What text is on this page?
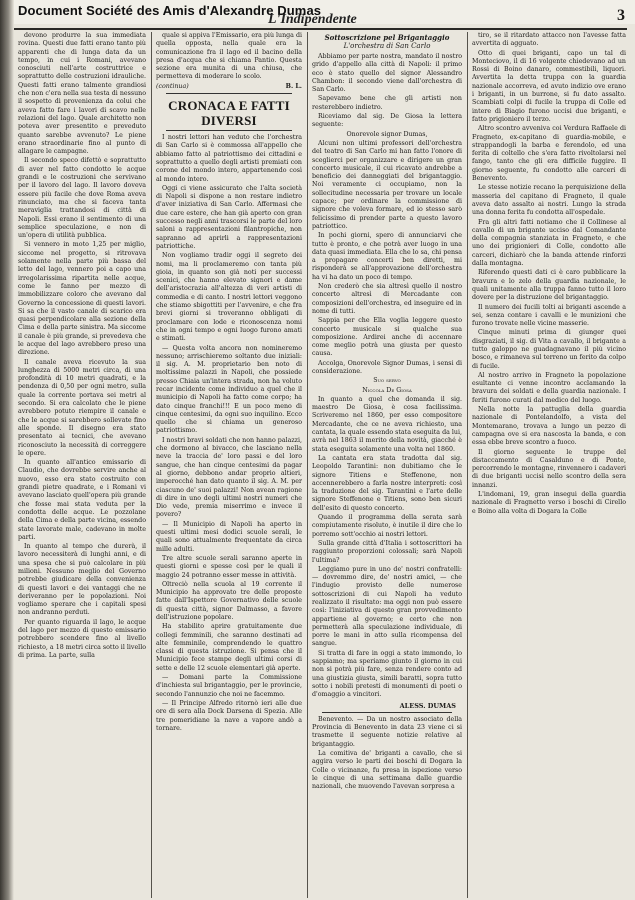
Document Société des Amis d'Alexandre Dumas
L'Indipendente	3

devono produrre la sua immediata rovina. Questi due fatti erano tanto più apparenti che di lunga data da un tempo, in cui i Romani, avevano conosciuti nell'arte costruttrice e soprattutto delle costruzioni idrauliche. Questi fatti erano talmente grandiosi che non c'era nella sua testa di nessuno il sospetto di provenienza da colui che aveva fatto fare i lavori di scavo nelle relazioni del lago. Quale architetto non poteva aver presentito e preveduto quanto sarebbe avvenuto? Le piene erano straordinarie fino al punto di allagare le campagne.

Il secondo speco difettò e soprattutto di aver nel fatto condotto le acque grandi e le costruzioni che servivano per il lavoro del lago. Il lavoro doveva essere più facile che dove Roma aveva rinunciato, ma che si faceva tanta meraviglia trattandosi di città di Napoli. Essi erano il sentimento di una semplice speculazione, e non di un'opera di utilità pubblica.

Si vennero in moto 1,25 per miglio, siccome nel progetto, si ritrovava solamente nella parte più bassa del letto del lago, vennero poi a capo una irregolarissima ripartita nelle acque, come le fanno per mezzo di immobilizzare coloro che avevano dal Governo la concessione di questi lavori. Si sa che il vasto canale di scarico era quasi perpendicolare alla sezione della Cima e della parte sinistra. Ma siccome il canale è più grande, si prevedeva che le acque del lago avrebbero preso una direzione.

Il canale aveva ricevuto la sua lunghezza di 5000 metri circa, di una profondità di 10 metri quadrati, e la pendenza di 0,50 per ogni metro, sulla quale la corrente portava sei metri al secondo. Si era calcolato che le piene avrebbero potuto riempire il canale e che le acque si sarebbero sollevate fino alle sponde. Il disegno era stato presentato ai tecnici, che avevano riconosciuto la necessità di correggere le opere.

In quanto all'antico emissario di Claudio, che dovrebbe servire anche al nuovo, esso era stato costruito con grandi pietre quadrate, e i Romani vi avevano lasciato quell'opera più grande che fosse mai stata veduta per la condotta delle acque. Le pozzolane della Cima e della parte vicina, essendo state lavorate male, cadevano in molte parti.

In quanto al tempo che durerà, il lavoro necessiterà di lunghi anni, e di una spesa che si può calcolare in più milioni. Nessuno meglio del Governo potrebbe giudicare della convenienza di questi lavori e dei vantaggi che ne deriveranno per le popolazioni. Noi vogliamo sperare che i capitali spesi non andranno perduti.

Per quanto riguarda il lago, le acque del lago per mezzo di questo emissario potrebbero scendere fino al livello richiesto, a 18 metri circa sotto il livello di prima. La parte, sulla

quale si appiva l'Emissario, era più lunga di quella opposta, nella quale era la comunicazione fra il lago ed il bacino della presa d'acqua che si chiama Pantio. Questa sezione era munita di una chiusa, che permetteva di moderare lo scolo.

(continua)	B. L.
CRONACA E FATTI DIVERSI

I nostri lettori han veduto che l'orchestra di San Carlo si è commossa all'appello che abbiamo fatto al patriottismo dei cittadini e soprattutto a quello degli artisti premiati con corone del mondo intero, appartenendo così al mondo intero.

Oggi ci viene assicurato che l'alta società di Napoli si dispone a non restare indietro d'aver iniziativa di San Carlo. Affermasi che due care estere, che han già aperto con gran successo negli anni trascorsi le parte del loro saloni a rappresentazioni filantropiche, non sapranno ad aprirli a rappresentazioni patriottiche.

Non vogliamo tradir oggi il segreto dei nomi, ma li proclameremo con tanta più gioia, in quanto son già noti per successi scenici, che hanno elevato signori e dame dell'aristocrazia all'altezza di veri artisti di commedia e di canto. I nostri lettori veggono che stiamo sbigottiti per l'avvenire, e che fra brevi giorni si troveranno obbligati di proclamare con lode e riconoscenza nomi che in ogni tempo e ogni luogo furono amati e stimati.

— Questa volta ancora non nomineremo nessuno; arrischieremo soltanto due iniziali: il sig. A. M. proprietario ben noto di moltissime palazzi in Napoli, che possiede presso Chiaia un'intera strada, non ha voluto recar incidente come individuo a quel che il municipio di Napoli ha fatto come corpo; ha dato cinque franchi!!! E un poco meno di cinque centesimi, da ogni suo inquilino. Ecco quello che si chiama un generoso patriottismo.

I nostri bravi soldati che non hanno palazzi, che dormono al bivacco, che lasciano nella neve la traccia de' loro passi e del loro sangue, che han cinque centesimi da pagar al giorno, debbono andar proprio altieri, imperocché han dato quanto il sig. A. M. per ciascuno de' suoi palazzi! Non avean ragione di dire in uno degli ultimi nostri numeri che Dio vede, premia miserrimo e invece il povero?

— Il Municipio di Napoli ha aperto in questi ultimi mesi dodici scuole serali, le quali sono attualmente frequentate da circa mille adulti.

Tre altre scuole serali saranno aperte in questi giorni e spesse così per le quali il maggio 24 potranno esser messe in attività.

Oltreciò nella scuola al 19 corrente il Municipio ha approvato tre delle proposte fatte dall'Ispettore Governativo delle scuole di questa città, signor Dalmasso, a favore dell'istruzione popolare.

Ha stabilito aprire gratuitamente due collegi femminili, che saranno destinati ad alte femminile, comprendendo le quattro classi di questa istruzione. Si pensa che il Municipio fece stampe degli ultimi corsi di sette e delle 12 scuole elementari già aperte.

— Domani parte la Commissione d'inchiesta sul brigantaggio, per le provincie, secondo l'annunzio che noi ne facemmo.

— Il Principe Alfredo ritornò ieri alle due ore di sera alla Dock Darsena di Spezia. Alle tre pomeridiane la nave a vapore andò a tornare.

Sottoscrizione pel Brigantaggio
L'orchestra di San Carlo

Abbiamo per parte nostra, mandato il nostro grido d'appello alla città di Napoli: il primo eco è stato quello del signor Alessandro Chambon: il secondo viene dall'orchestra di San Carlo.

Sapevamo bene che gli artisti non resterebbero indietro.

Riceviamo dal sig. De Giosa la lettera seguente:

Onorevole signor Dumas,

Alcuni non ultimi professori dell'orchestra del teatro di San Carlo mi han fatto l'onore di sceglierci per organizzare e dirigere un gran concerto musicale, il cui ricavato andrebbe a beneficio dei danneggiati del brigantaggio. Noi veramente ci occupiamo, non la sollecitudine necessaria per trovare un locale capace; per ordinare la commissione di signore che voleva formare, ed io stesso sarò felicissimo di prender parte a questo lavoro patriottico.

In pochi giorni, spero di annunciarvi che tutto è pronto, e che potrà aver luogo in una data quasi immediata. Ella che lo sa, chi pensa a propagare concerti ben diretti, mi risponderà se all'approvazione dell'orchestra ha vi ha dato un poco di tempo.

Non crederò che sia altresì quello il nostro concerto altresì di Mercadante con composizioni dell'orchestra, ed inseguire ed in nome di tutti.

Sappia per che Ella voglia leggere questo concerto musicale si qualche sua composizione. Ardirei anche di accennare come meglio potrà una giusta per questo causa.

Accolga, Onorevole Signor Dumas, i sensi di considerazione.

Suo servo

Niccola De Giosa

In quanto a quel che domanda il sig. maestro De Giosa, è cosa facilissima. Scriveremo nel 1860, per esso compositore Mercadante, che ce ne aveva richiesto, una cantata, la quale essendo stata eseguita da lui, avrà nel 1863 il merito della novità, giacché è stata eseguita solamente una volta nel 1860.

La cantata era stata tradotta dal sig. Leopoldo Tarantini: non dubitiamo che le signore Titiens e Steffenone, non accennerebbero a farla nostre interpreti: così la traduzione del sig. Tarantini e l'arte delle signore Steffenone e Titiens, sono ben sicuri dell'esito di questo concerto.

Quando il programma della serata sarà compiutamente risoluto, è inutile il dire che lo porremo sott'occhio ai nostri lettori.

Sulla grande città d'Italia i sottoscrittori ha raggiunto proporzioni colossali; sarà Napoli l'ultima?

Leggiamo pure in uno de' nostri confratelli: — dovremmo dire, de' nostri amici, — che l'indugio provisto delle numerose sottoscrizioni di cui Napoli ha veduto realizzato il risultato: ma oggi non può essere così: l'iniziativa di questo gran provvedimento appartiene al governo; e certo che non permetterà alla speculazione individuale, di porre le mani in atto sulla ricompensa del sangue.

Si tratta di fare in oggi a stato immondo, lo sappiamo; ma speriamo giunto il giorno in cui non si potrà più fare, senza rendere conto ad una giustizia giusta, simili baratti, sopra tutto sotto i nobili pretesti di monumenti di poeti o d'omaggio a vincitori.

ALESS. DUMAS

Benevento. — Da un nostro associato della Provincia di Benevento in data 23 viene ci si trasmette il seguente notizie relative al brigantaggio.

La comitiva de' briganti a cavallo, che si aggira verso le parti dei boschi di Dogara la Colle o vicinanze, fu presa in ispezione verso le cinque di una settimana dalle guardie nazionali, che muovendo l'avevan sorpresa a

tiro, se il ritardato attacco non l'avesse fatta avvertita di agguato.

Otto di quei briganti, capo un tal di Monteciovo, il di 16 volgente chiedevano ad un Rossi di Boino danaro, commestibili, liquori. Avvertita la detta truppa con la guardia nazionale accorreva, ed avuto indizio ove erano i briganti, in un burrone, si fu dato assalto. Scambiati colpi di fucile la truppa di Colle ed intere di Biagio furono uccisi due briganti, e fatto prigioniero il terzo.

Altro scontro avveniva coi Verdura Raffaele di Fragneto, ex-capitano di guardia-mobile, e strappandogli la barba e ferendolo, ed una ferita di coltello che s'era fatto rivoltolarsi nel fango, tanto che gli era difficile fuggire. Il giorno seguente, fu condotto alle carceri di Benevento.

Le stesse notizie recano la perquisizione della masseria del capitano di Fragneto, il quale aveva dato assalto ai nostri. Lungo la strada una donna ferita fu condotta all'ospedale.

Fra gli altri fatti notiamo che il Collinese al cavallo di un brigante ucciso dal Comandante della compagnia stanziata in Fragneto, e che uno dei prigionieri di Colle, condotto alle carceri, dichiarò che la banda attende rinforzi dalla montagna.

Riferendo questi dati ci è caro pubblicare la bravura e lo zelo della guardia nazionale, le quali unitamente alla truppa fanno tutto il loro dovere per la distruzione del brigantaggio.

Il numero dei fucili tolti ai briganti ascende a sei, senza contare i cavalli e le munizioni che furono trovate nelle vicine masserie.

Cinque minuti prima di giunger quei disgraziati, il sig. di Vita a cavallo, il brigante a tutto galoppo ne guadagnavano il più vicino bosco, e rimaneva sul terreno un ferito da colpo di fucile.

Al nostro arrivo in Fragneto la popolazione esultante ci venne incontro acclamando la bravura dei soldati e della guardia nazionale. I feriti furono curati dal medico del luogo.

Nella notte la pattuglia della guardia nazionale di Pontelandolfo, a vista del Montemarano, trovava a lungo un pezzo di campagna ove si era nascosta la banda, e con essa ebbe breve scontro a fuoco.

Il giorno seguente le truppe del distaccamento di Casalduno e di Ponte, percorrendo le montagne, rinvennero i cadaveri di due briganti uccisi nello scontro della sera innanzi.

L'indomani, 19, gran insegui della guardia nazionale di Fragnetto verso i boschi di Cirello e Boino alla volta di Dogara la Colle
